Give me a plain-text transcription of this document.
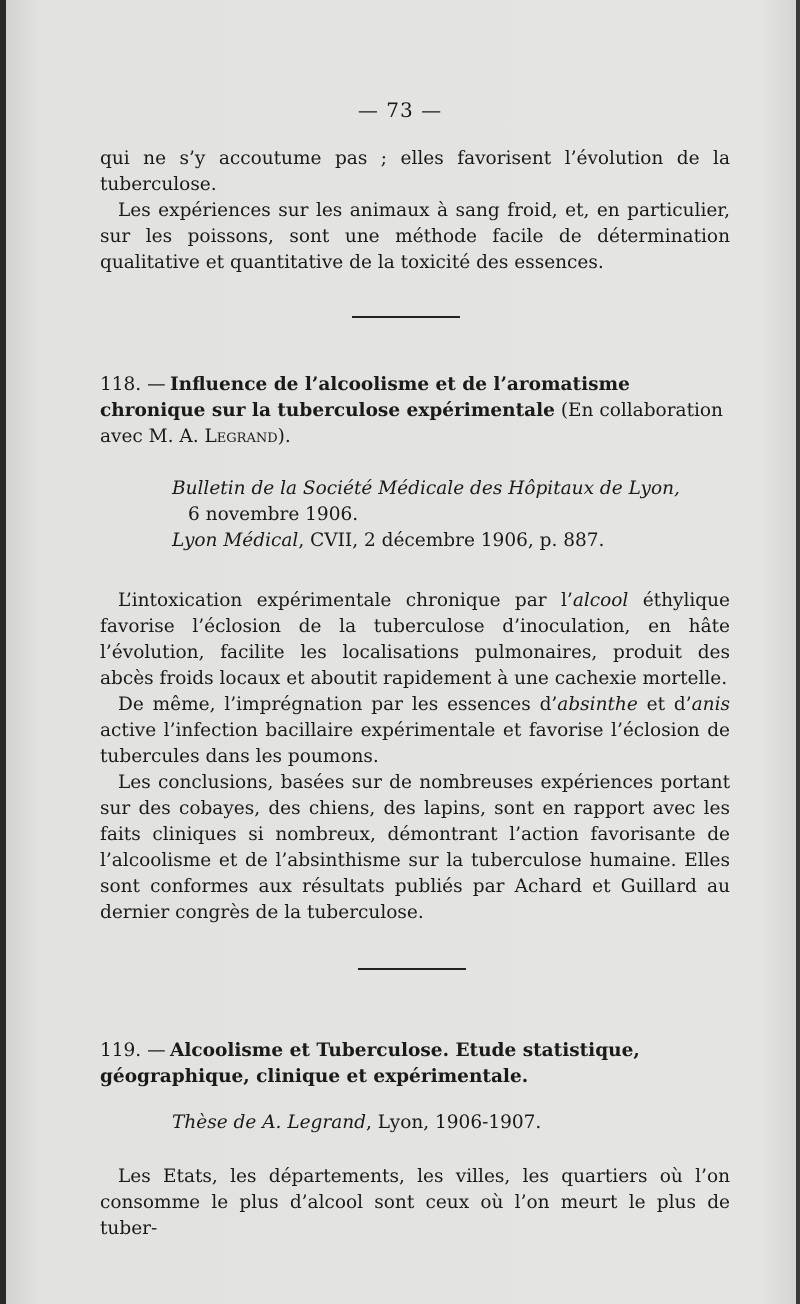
— 73 —

qui ne s’y accoutume pas ; elles favorisent l’évolution de la tuberculose.

Les expériences sur les animaux à sang froid, et, en particulier, sur les poissons, sont une méthode facile de détermination qualitative et quantitative de la toxicité des essences.

118. — Influence de l’alcoolisme et de l’aromatisme chronique sur la tuberculose expérimentale (En collaboration avec M. A. Legrand).
Bulletin de la Société Médicale des Hôpitaux de Lyon,
6 novembre 1906.
Lyon Médical, CVII, 2 décembre 1906, p. 887.

L’intoxication expérimentale chronique par l’alcool éthylique favorise l’éclosion de la tuberculose d’inoculation, en hâte l’évolution, facilite les localisations pulmonaires, produit des abcès froids locaux et aboutit rapidement à une cachexie mortelle.

De même, l’imprégnation par les essences d’absinthe et d’anis active l’infection bacillaire expérimentale et favorise l’éclosion de tubercules dans les poumons.

Les conclusions, basées sur de nombreuses expériences portant sur des cobayes, des chiens, des lapins, sont en rapport avec les faits cliniques si nombreux, démontrant l’action favorisante de l’alcoolisme et de l’absinthisme sur la tuberculose humaine. Elles sont conformes aux résultats publiés par Achard et Guillard au dernier congrès de la tuberculose.

119. — Alcoolisme et Tuberculose. Etude statistique, géographique, clinique et expérimentale.
Thèse de A. Legrand, Lyon, 1906-1907.

Les Etats, les départements, les villes, les quartiers où l’on consomme le plus d’alcool sont ceux où l’on meurt le plus de tuber-
